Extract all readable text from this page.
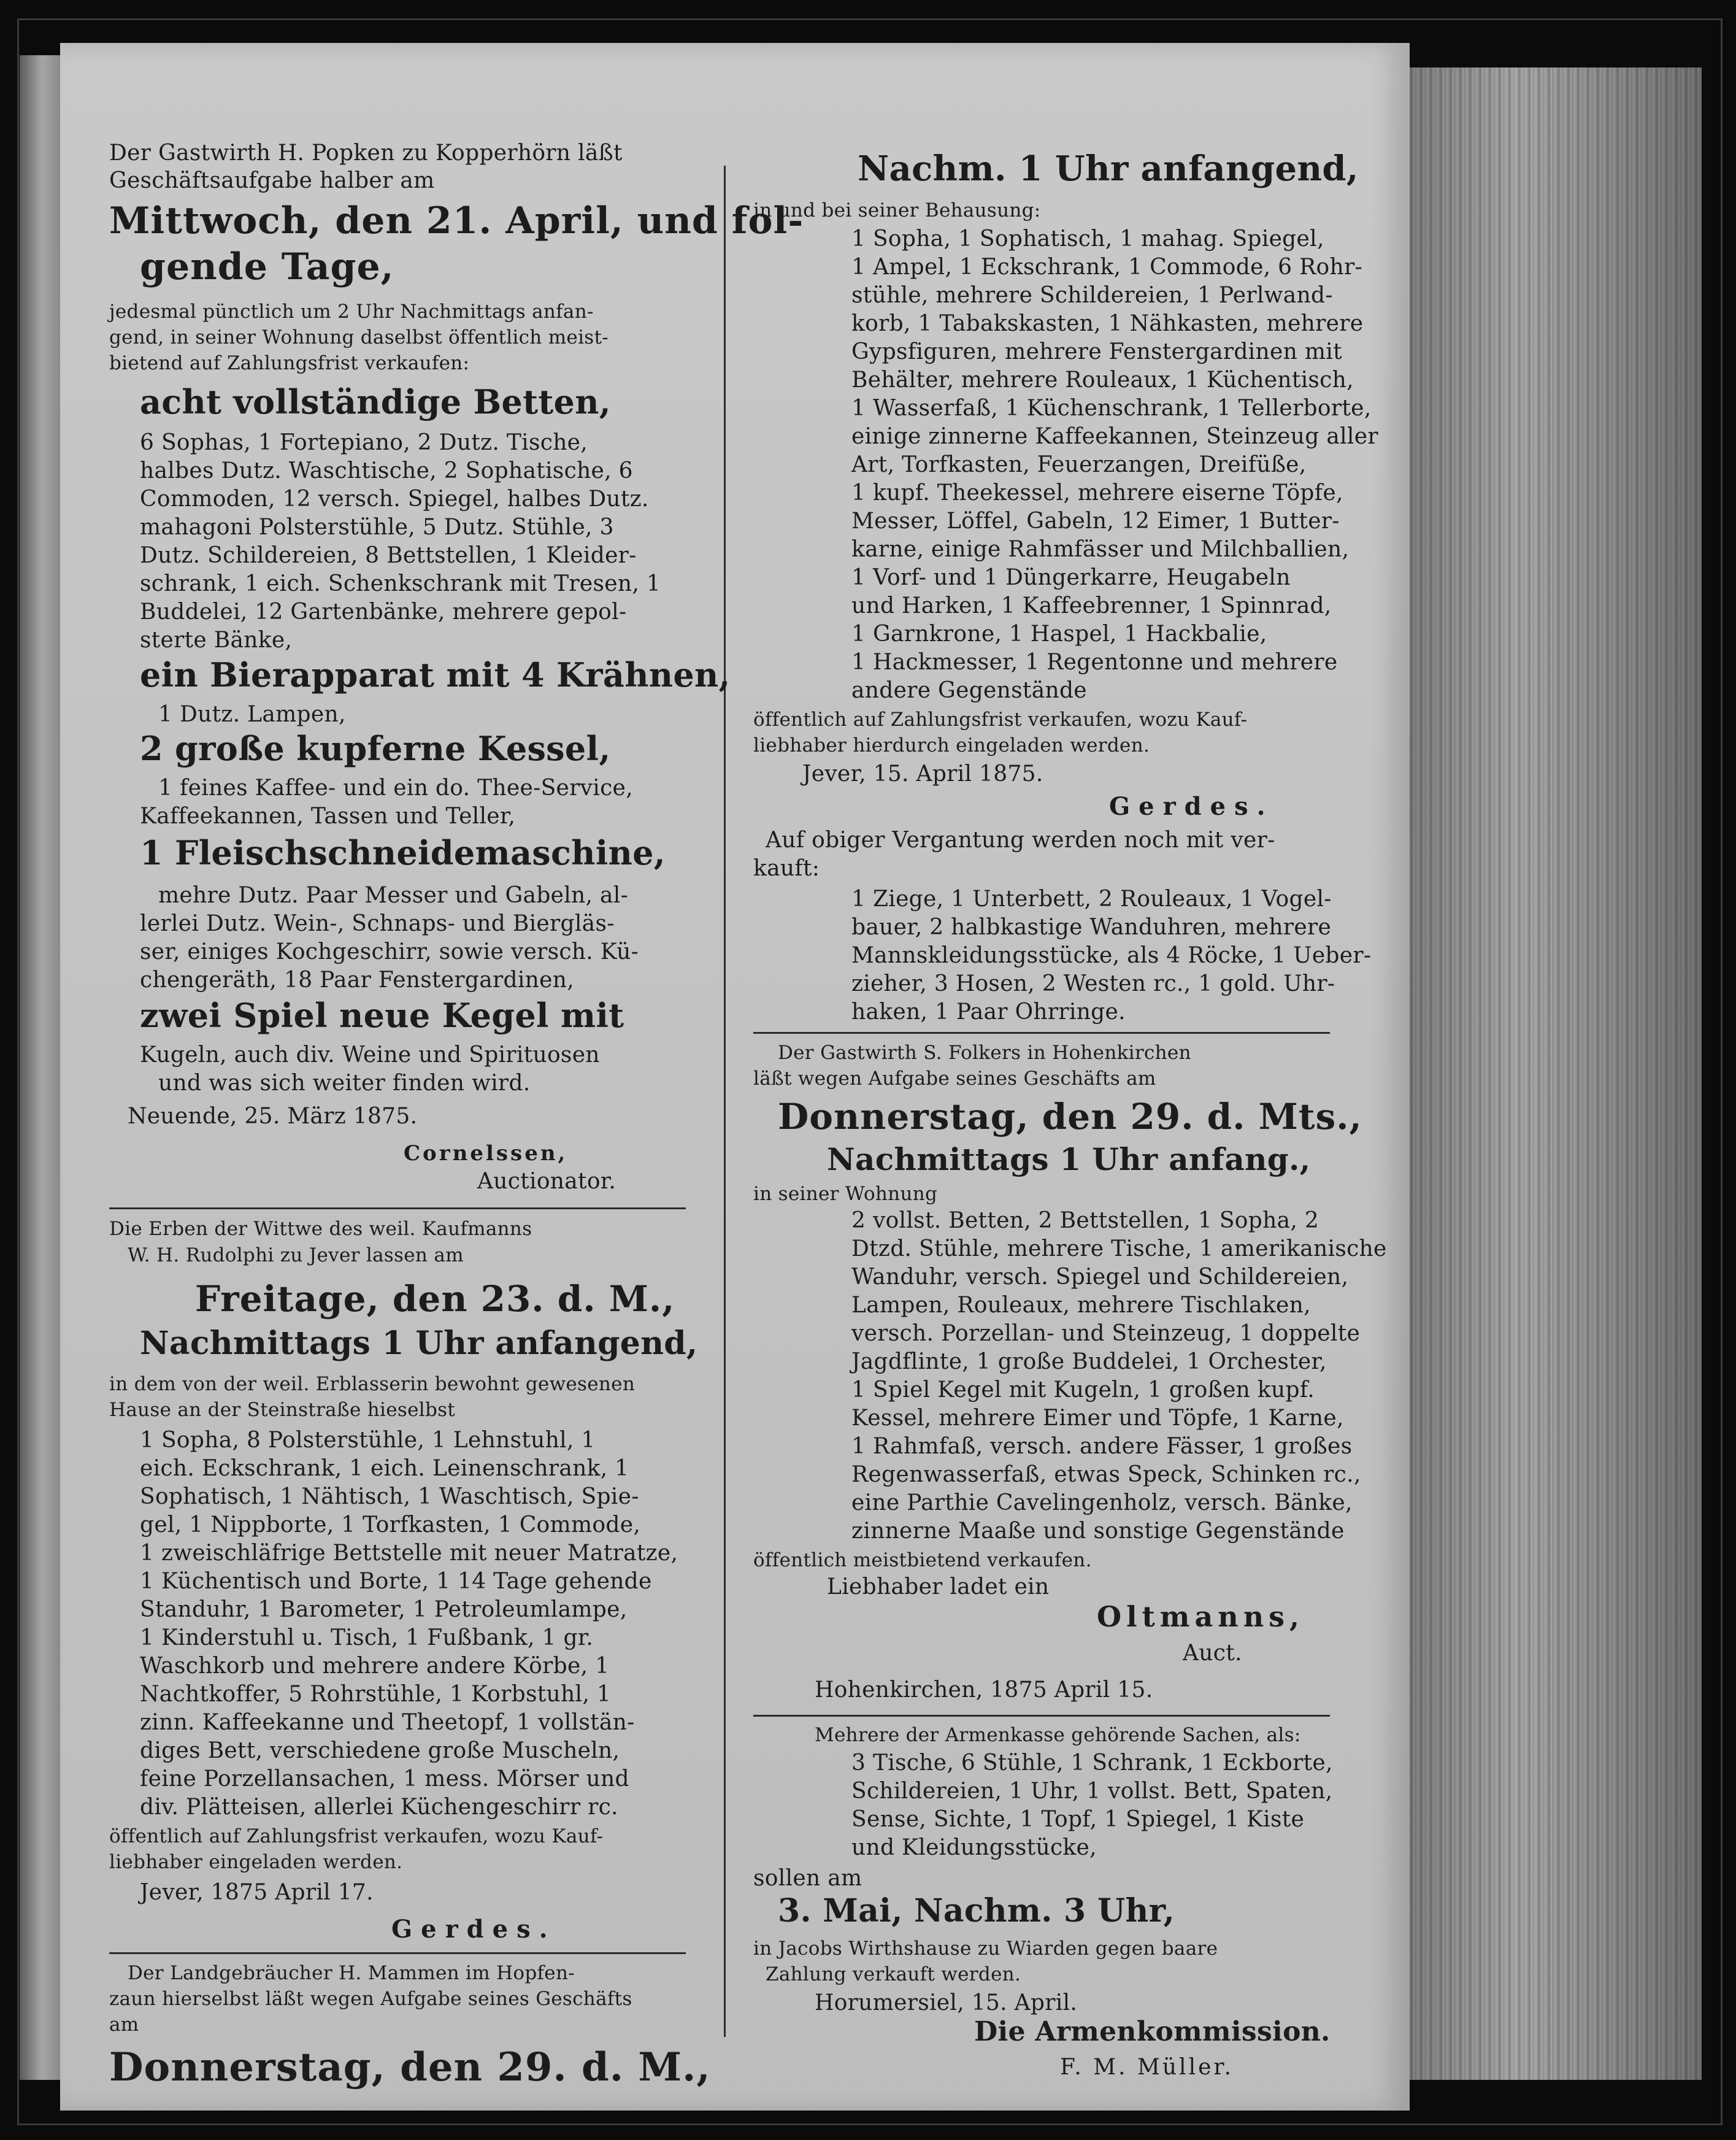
Der Gastwirth H. Popken zu Kopperhörn läßt
Geschäftsaufgabe halber am
Mittwoch, den 21. April, und fol-
gende Tage,
jedesmal pünctlich um 2 Uhr Nachmittags anfan-
gend, in seiner Wohnung daselbst öffentlich meist-
bietend auf Zahlungsfrist verkaufen:
acht vollständige Betten,
6 Sophas, 1 Fortepiano, 2 Dutz. Tische,
halbes Dutz. Waschtische, 2 Sophatische, 6
Commoden, 12 versch. Spiegel, halbes Dutz.
mahagoni Polsterstühle, 5 Dutz. Stühle, 3
Dutz. Schildereien, 8 Bettstellen, 1 Kleider-
schrank, 1 eich. Schenkschrank mit Tresen, 1
Buddelei, 12 Gartenbänke, mehrere gepol-
sterte Bänke,
ein Bierapparat mit 4 Krähnen,
1 Dutz. Lampen,
2 große kupferne Kessel,
1 feines Kaffee- und ein do. Thee-Service,
Kaffeekannen, Tassen und Teller,
1 Fleischschneidemaschine,
mehre Dutz. Paar Messer und Gabeln, al-
lerlei Dutz. Wein-, Schnaps- und Biergläs-
ser, einiges Kochgeschirr, sowie versch. Kü-
chengeräth, 18 Paar Fenstergardinen,
zwei Spiel neue Kegel mit
Kugeln, auch div. Weine und Spirituosen
und was sich weiter finden wird.
Neuende, 25. März 1875.
Cornelssen,
Auctionator.
Die Erben der Wittwe des weil. Kaufmanns
W. H. Rudolphi zu Jever lassen am
Freitage, den 23. d. M.,
Nachmittags 1 Uhr anfangend,
in dem von der weil. Erblasserin bewohnt gewesenen
Hause an der Steinstraße hieselbst
1 Sopha, 8 Polsterstühle, 1 Lehnstuhl, 1
eich. Eckschrank, 1 eich. Leinenschrank, 1
Sophatisch, 1 Nähtisch, 1 Waschtisch, Spie-
gel, 1 Nippborte, 1 Torfkasten, 1 Commode,
1 zweischläfrige Bettstelle mit neuer Matratze,
1 Küchentisch und Borte, 1 14 Tage gehende
Standuhr, 1 Barometer, 1 Petroleumlampe,
1 Kinderstuhl u. Tisch, 1 Fußbank, 1 gr.
Waschkorb und mehrere andere Körbe, 1
Nachtkoffer, 5 Rohrstühle, 1 Korbstuhl, 1
zinn. Kaffeekanne und Theetopf, 1 vollstän-
diges Bett, verschiedene große Muscheln,
feine Porzellansachen, 1 mess. Mörser und
div. Plätteisen, allerlei Küchengeschirr rc.
öffentlich auf Zahlungsfrist verkaufen, wozu Kauf-
liebhaber eingeladen werden.
Jever, 1875 April 17.
Gerdes.
Der Landgebräucher H. Mammen im Hopfen-
zaun hierselbst läßt wegen Aufgabe seines Geschäfts
am
Donnerstag, den 29. d. M.,
Nachm. 1 Uhr anfangend,
in und bei seiner Behausung:
1 Sopha, 1 Sophatisch, 1 mahag. Spiegel,
1 Ampel, 1 Eckschrank, 1 Commode, 6 Rohr-
stühle, mehrere Schildereien, 1 Perlwand-
korb, 1 Tabakskasten, 1 Nähkasten, mehrere
Gypsfiguren, mehrere Fenstergardinen mit
Behälter, mehrere Rouleaux, 1 Küchentisch,
1 Wasserfaß, 1 Küchenschrank, 1 Tellerborte,
einige zinnerne Kaffeekannen, Steinzeug aller
Art, Torfkasten, Feuerzangen, Dreifüße,
1 kupf. Theekessel, mehrere eiserne Töpfe,
Messer, Löffel, Gabeln, 12 Eimer, 1 Butter-
karne, einige Rahmfässer und Milchballien,
1 Vorf- und 1 Düngerkarre, Heugabeln
und Harken, 1 Kaffeebrenner, 1 Spinnrad,
1 Garnkrone, 1 Haspel, 1 Hackbalie,
1 Hackmesser, 1 Regentonne und mehrere
andere Gegenstände
öffentlich auf Zahlungsfrist verkaufen, wozu Kauf-
liebhaber hierdurch eingeladen werden.
Jever, 15. April 1875.
Gerdes.
Auf obiger Vergantung werden noch mit ver-
kauft:
1 Ziege, 1 Unterbett, 2 Rouleaux, 1 Vogel-
bauer, 2 halbkastige Wanduhren, mehrere
Mannskleidungsstücke, als 4 Röcke, 1 Ueber-
zieher, 3 Hosen, 2 Westen rc., 1 gold. Uhr-
haken, 1 Paar Ohrringe.
Der Gastwirth S. Folkers in Hohenkirchen
läßt wegen Aufgabe seines Geschäfts am
Donnerstag, den 29. d. Mts.,
Nachmittags 1 Uhr anfang.,
in seiner Wohnung
2 vollst. Betten, 2 Bettstellen, 1 Sopha, 2
Dtzd. Stühle, mehrere Tische, 1 amerikanische
Wanduhr, versch. Spiegel und Schildereien,
Lampen, Rouleaux, mehrere Tischlaken,
versch. Porzellan- und Steinzeug, 1 doppelte
Jagdflinte, 1 große Buddelei, 1 Orchester,
1 Spiel Kegel mit Kugeln, 1 großen kupf.
Kessel, mehrere Eimer und Töpfe, 1 Karne,
1 Rahmfaß, versch. andere Fässer, 1 großes
Regenwasserfaß, etwas Speck, Schinken rc.,
eine Parthie Cavelingenholz, versch. Bänke,
zinnerne Maaße und sonstige Gegenstände
öffentlich meistbietend verkaufen.
Liebhaber ladet ein
Oltmanns,
Auct.
Hohenkirchen, 1875 April 15.
Mehrere der Armenkasse gehörende Sachen, als:
3 Tische, 6 Stühle, 1 Schrank, 1 Eckborte,
Schildereien, 1 Uhr, 1 vollst. Bett, Spaten,
Sense, Sichte, 1 Topf, 1 Spiegel, 1 Kiste
und Kleidungsstücke,
sollen am
3. Mai, Nachm. 3 Uhr,
in Jacobs Wirthshause zu Wiarden gegen baare
Zahlung verkauft werden.
Horumersiel, 15. April.
Die Armenkommission.
F. M. Müller.
